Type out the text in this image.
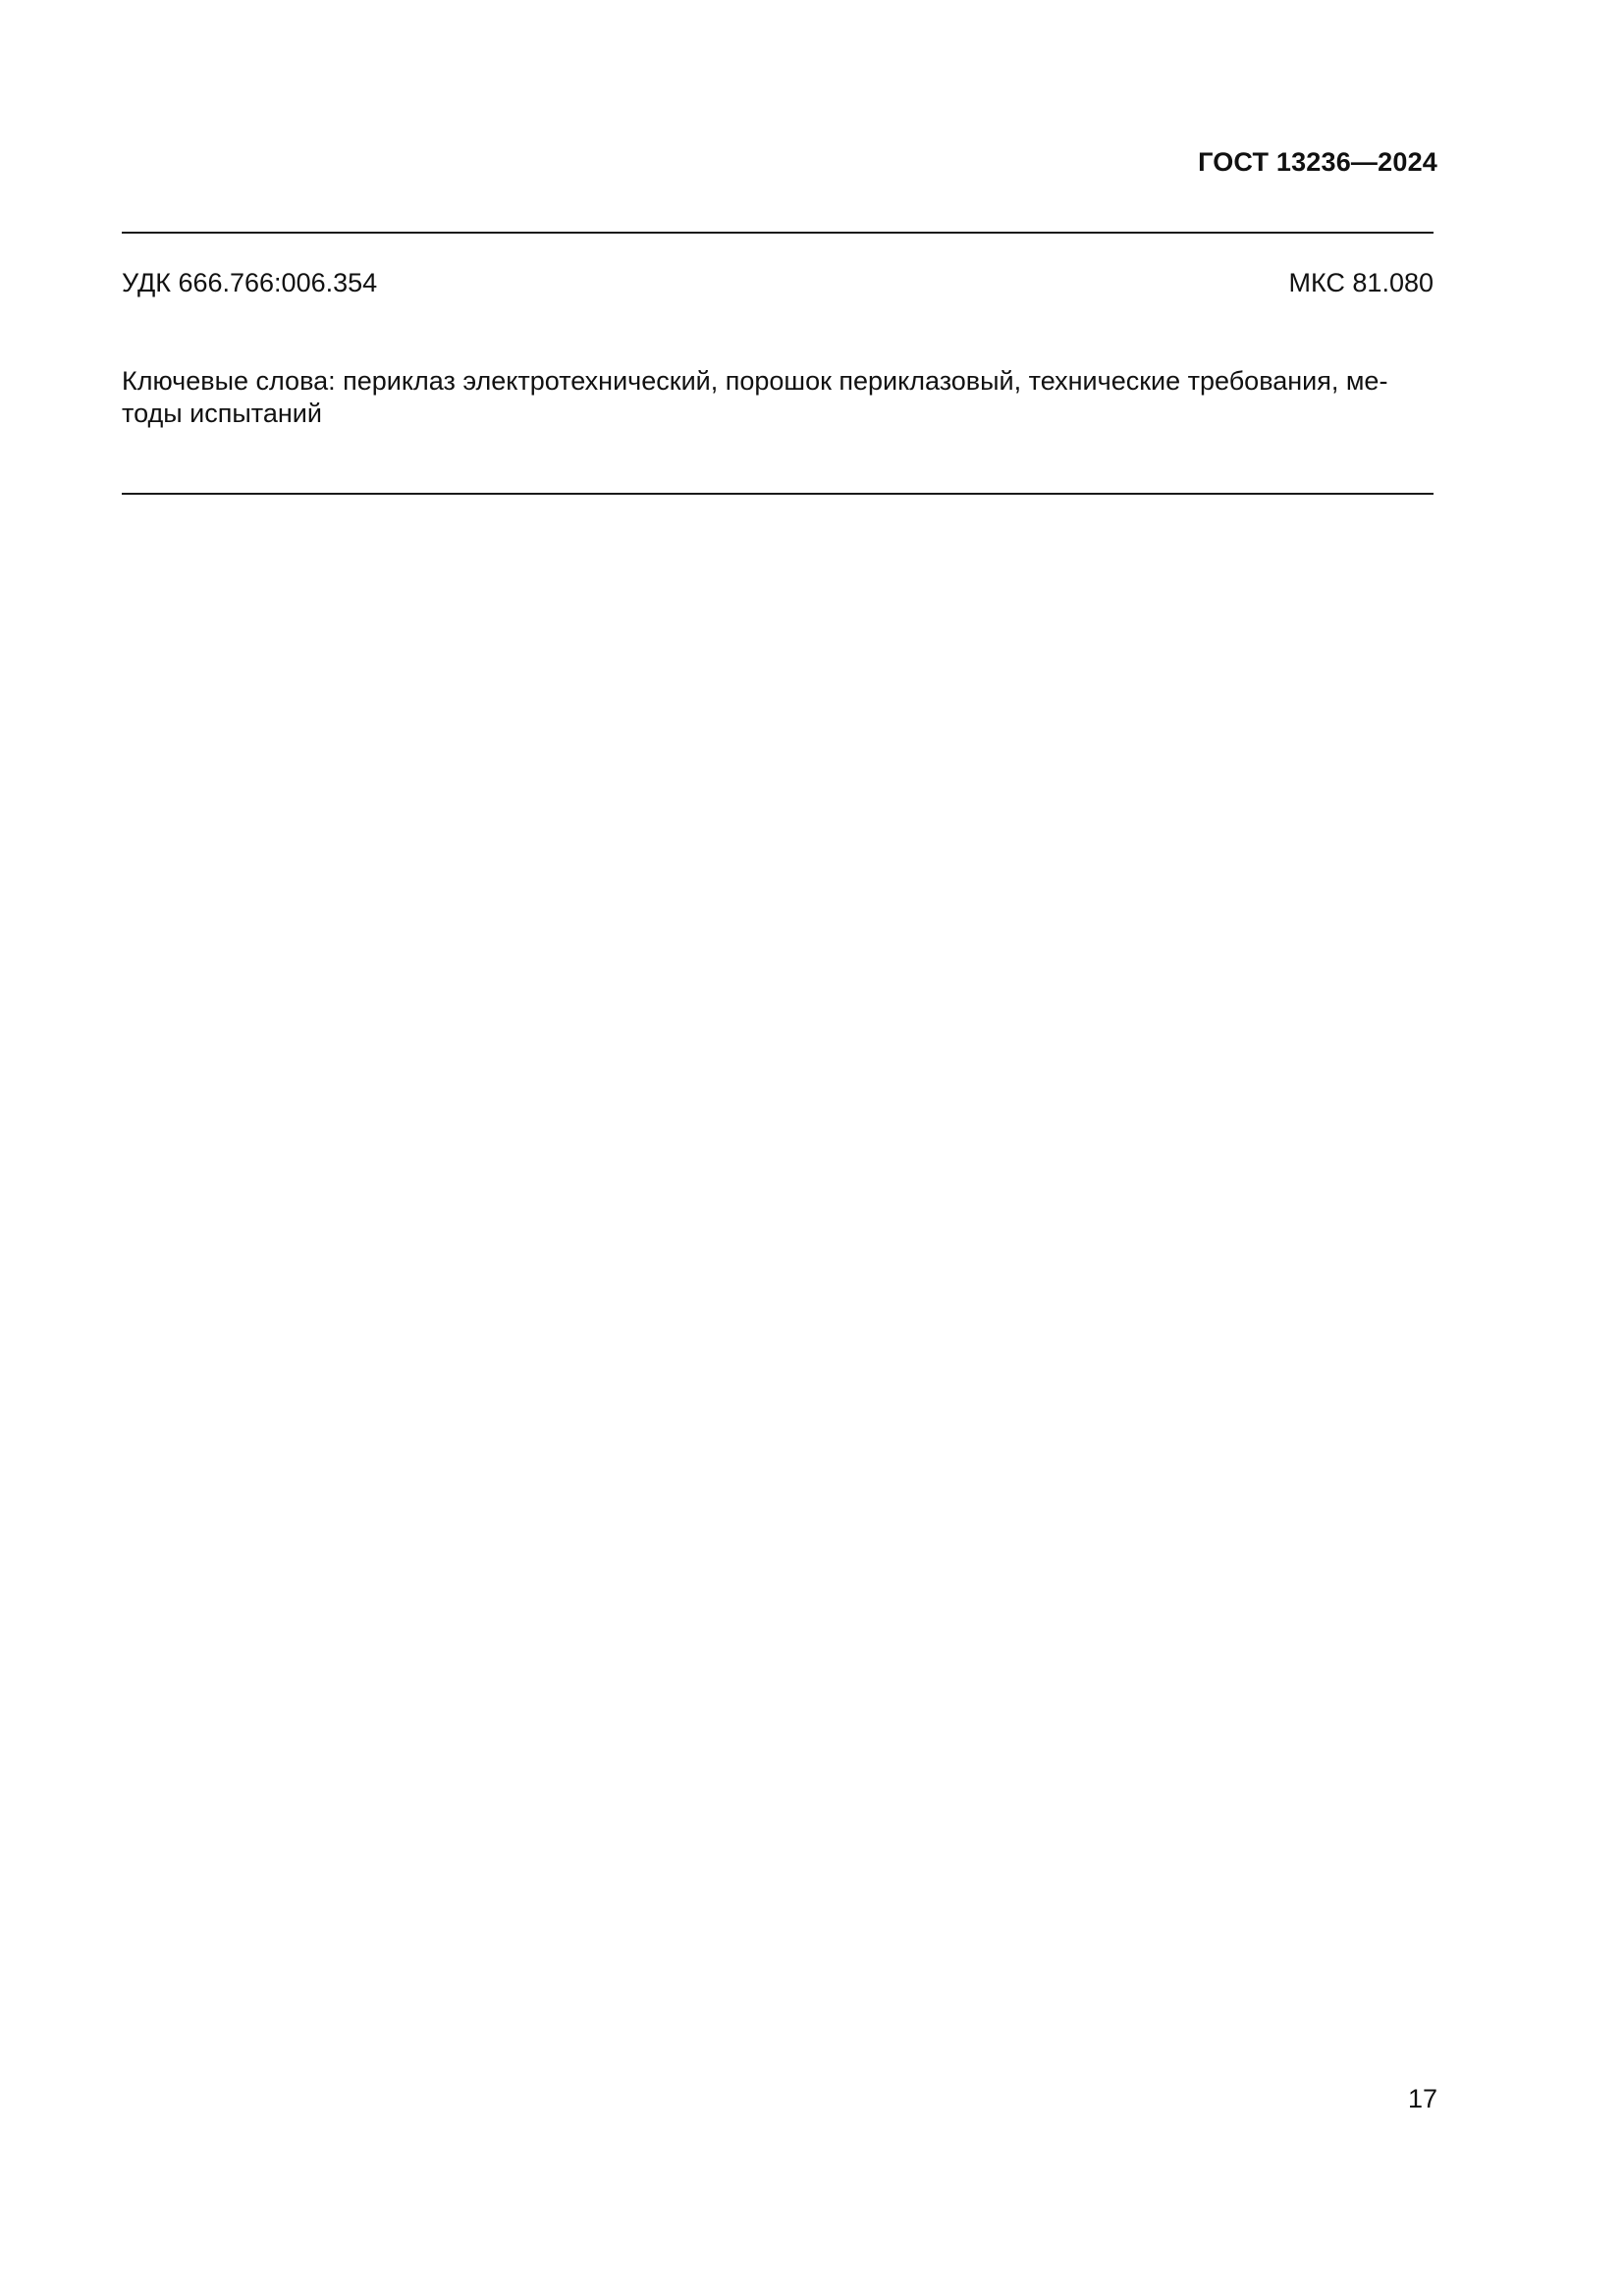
ГОСТ 13236—2024
УДК 666.766:006.354	МКС 81.080
Ключевые слова: периклаз электротехнический, порошок периклазовый, технические требования, ме-
тоды испытаний
17
